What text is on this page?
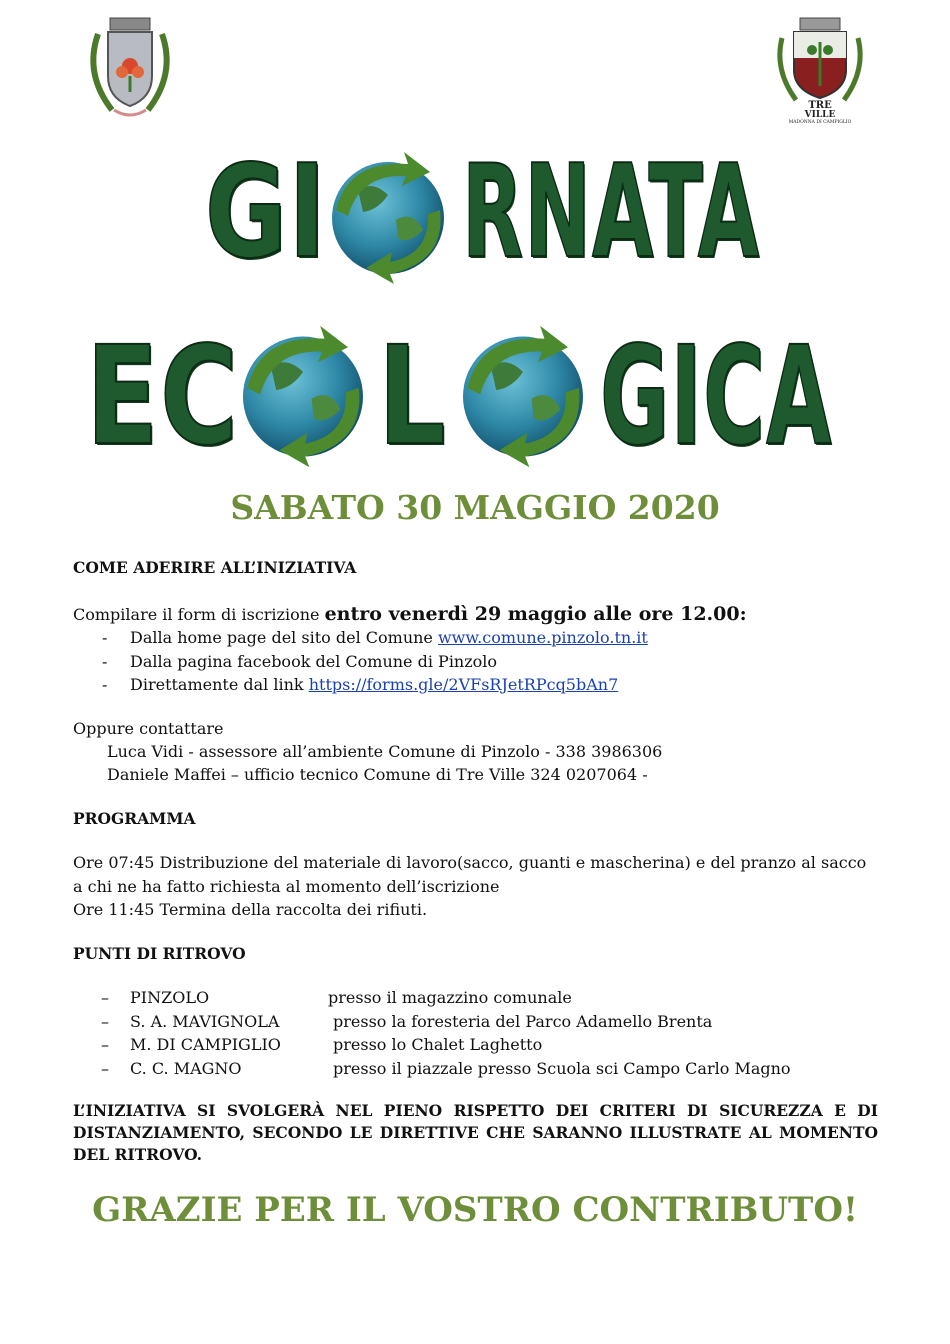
TRE
VILLE
MADONNA DI CAMPIGLIO
GI RNATA
EC L GICA
SABATO 30 MAGGIO 2020
COME ADERIRE ALL’INIZIATIVA
Compilare il form di iscrizione entro venerdì 29 maggio alle ore 12.00:
- Dalla home page del sito del Comune www.comune.pinzolo.tn.it
- Dalla pagina facebook del Comune di Pinzolo
- Direttamente dal link https://forms.gle/2VFsRJetRPcq5bAn7
Oppure contattare
Luca Vidi - assessore all’ambiente Comune di Pinzolo - 338 3986306
Daniele Maffei – ufficio tecnico Comune di Tre Ville 324 0207064 -
PROGRAMMA
Ore 07:45 Distribuzione del materiale di lavoro(sacco, guanti e mascherina) e del pranzo al sacco
a chi ne ha fatto richiesta al momento dell’iscrizione
Ore 11:45 Termina della raccolta dei rifiuti.
PUNTI DI RITROVO
– PINZOLO	presso il magazzino comunale
– S. A. MAVIGNOLA	presso la foresteria del Parco Adamello Brenta
– M. DI CAMPIGLIO	presso lo Chalet Laghetto
– C. C. MAGNO	presso il piazzale presso Scuola sci Campo Carlo Magno
L’INIZIATIVA SI SVOLGERÀ NEL PIENO RISPETTO DEI CRITERI DI SICUREZZA E DI DISTANZIAMENTO, SECONDO LE DIRETTIVE CHE SARANNO ILLUSTRATE AL MOMENTO DEL RITROVO.
GRAZIE PER IL VOSTRO CONTRIBUTO!
